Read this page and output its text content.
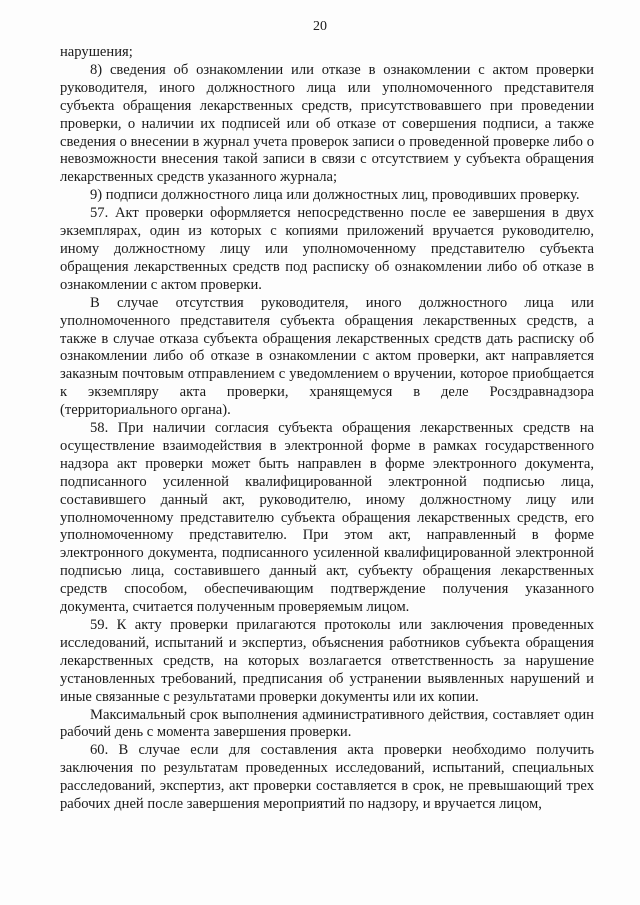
20

нарушения;

8) сведения об ознакомлении или отказе в ознакомлении с актом проверки руководителя, иного должностного лица или уполномоченного представителя субъекта обращения лекарственных средств, присутствовавшего при проведении проверки, о наличии их подписей или об отказе от совершения подписи, а также сведения о внесении в журнал учета проверок записи о проведенной проверке либо о невозможности внесения такой записи в связи с отсутствием у субъекта обращения лекарственных средств указанного журнала;

9) подписи должностного лица или должностных лиц, проводивших проверку.

57. Акт проверки оформляется непосредственно после ее завершения в двух экземплярах, один из которых с копиями приложений вручается руководителю, иному должностному лицу или уполномоченному представителю субъекта обращения лекарственных средств под расписку об ознакомлении либо об отказе в ознакомлении с актом проверки.

В случае отсутствия руководителя, иного должностного лица или уполномоченного представителя субъекта обращения лекарственных средств, а также в случае отказа субъекта обращения лекарственных средств дать расписку об ознакомлении либо об отказе в ознакомлении с актом проверки, акт направляется заказным почтовым отправлением с уведомлением о вручении, которое приобщается к экземпляру акта проверки, хранящемуся в деле Росздравнадзора (территориального органа).

58. При наличии согласия субъекта обращения лекарственных средств на осуществление взаимодействия в электронной форме в рамках государственного надзора акт проверки может быть направлен в форме электронного документа, подписанного усиленной квалифицированной электронной подписью лица, составившего данный акт, руководителю, иному должностному лицу или уполномоченному представителю субъекта обращения лекарственных средств, его уполномоченному представителю. При этом акт, направленный в форме электронного документа, подписанного усиленной квалифицированной электронной подписью лица, составившего данный акт, субъекту обращения лекарственных средств способом, обеспечивающим подтверждение получения указанного документа, считается полученным проверяемым лицом.

59. К акту проверки прилагаются протоколы или заключения проведенных исследований, испытаний и экспертиз, объяснения работников субъекта обращения лекарственных средств, на которых возлагается ответственность за нарушение установленных требований, предписания об устранении выявленных нарушений и иные связанные с результатами проверки документы или их копии.

Максимальный срок выполнения административного действия, составляет один рабочий день с момента завершения проверки.

60. В случае если для составления акта проверки необходимо получить заключения по результатам проведенных исследований, испытаний, специальных расследований, экспертиз, акт проверки составляется в срок, не превышающий трех рабочих дней после завершения мероприятий по надзору, и вручается лицом,
